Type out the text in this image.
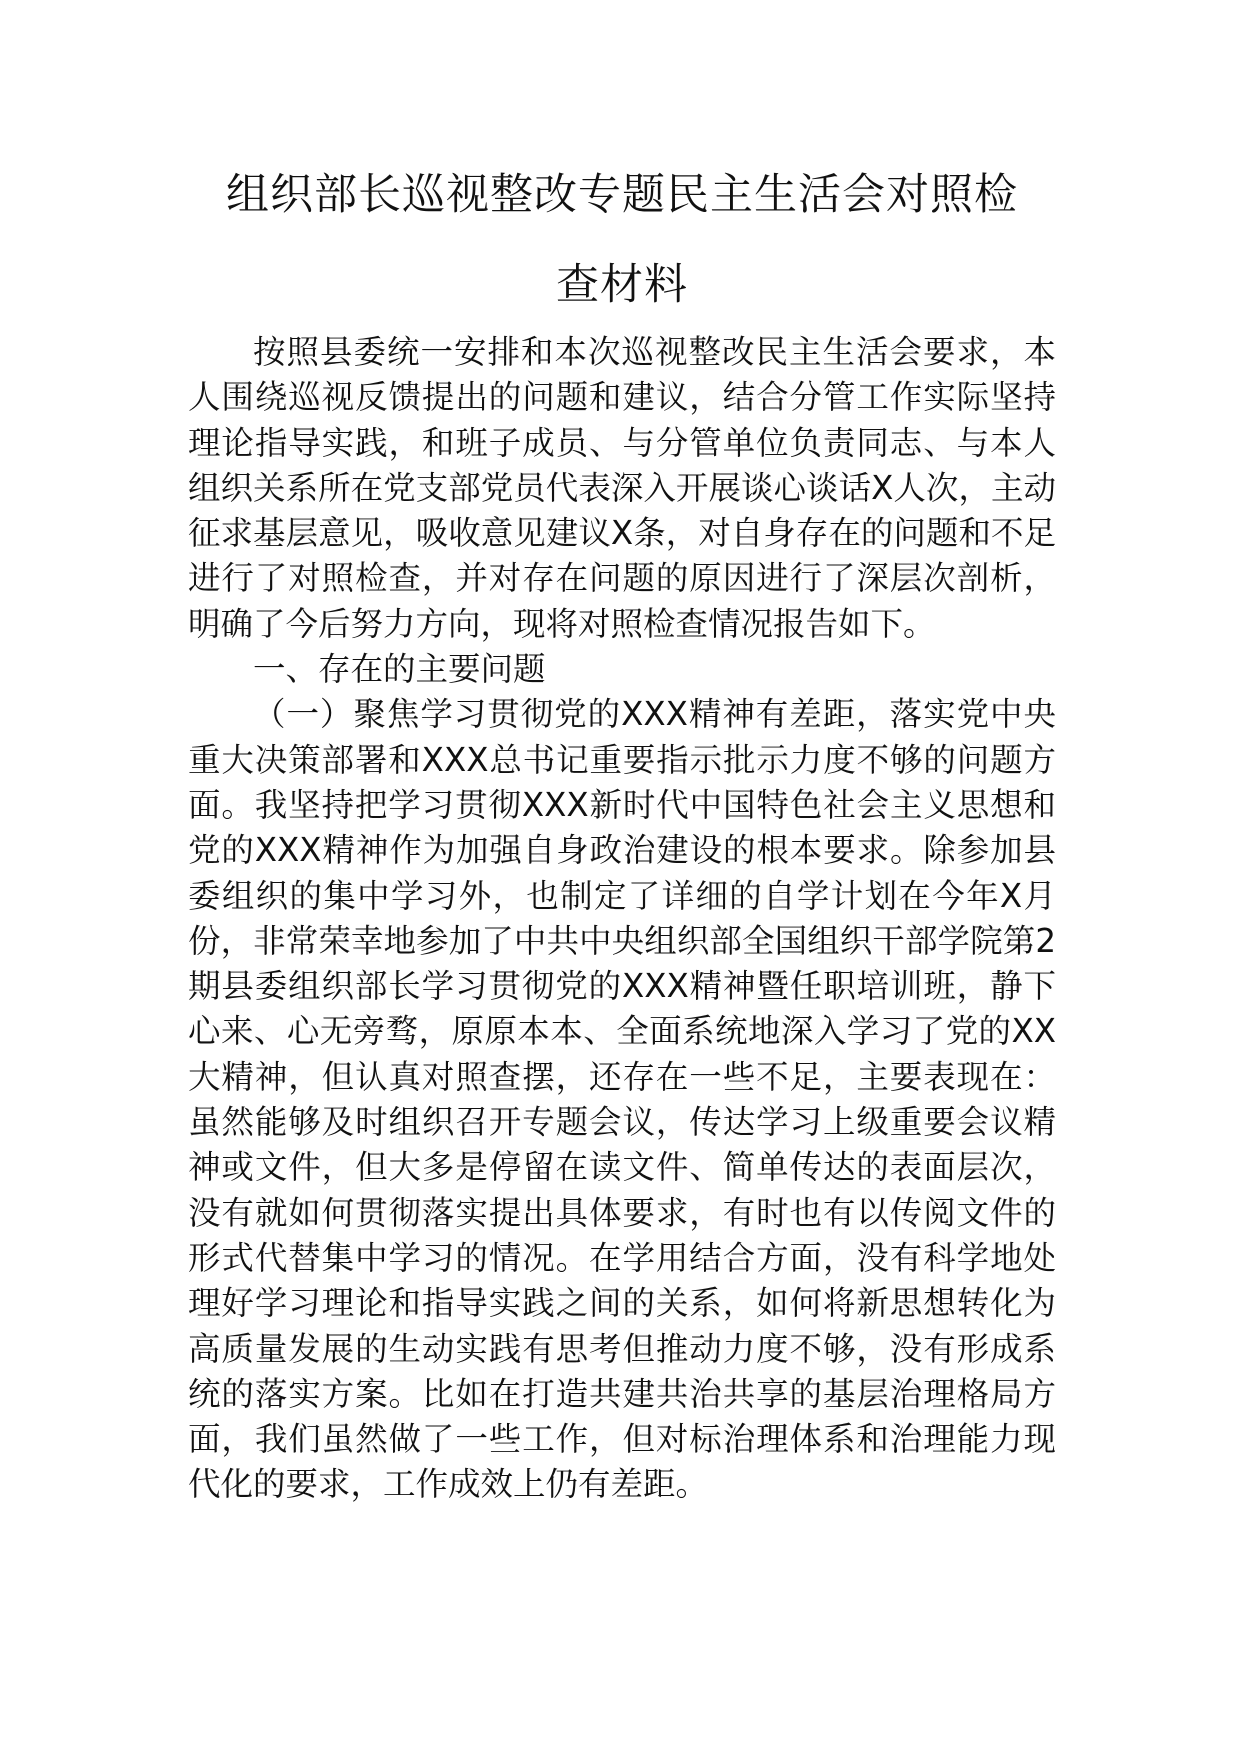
组织部长巡视整改专题民主生活会对照检
查材料

按照县委统一安排和本次巡视整改民主生活会要求，本人围绕巡视反馈提出的问题和建议，结合分管工作实际坚持理论指导实践，和班子成员、与分管单位负责同志、与本人组织关系所在党支部党员代表深入开展谈心谈话X人次，主动征求基层意见，吸收意见建议X条，对自身存在的问题和不足进行了对照检查，并对存在问题的原因进行了深层次剖析，明确了今后努力方向，现将对照检查情况报告如下。

一、存在的主要问题

（一）聚焦学习贯彻党的XXX精神有差距，落实党中央重大决策部署和XXX总书记重要指示批示力度不够的问题方面。我坚持把学习贯彻XXX新时代中国特色社会主义思想和党的XXX精神作为加强自身政治建设的根本要求。除参加县委组织的集中学习外，也制定了详细的自学计划在今年X月份，非常荣幸地参加了中共中央组织部全国组织干部学院第2期县委组织部长学习贯彻党的XXX精神暨任职培训班，静下心来、心无旁骛，原原本本、全面系统地深入学习了党的XX大精神，但认真对照查摆，还存在一些不足，主要表现在：虽然能够及时组织召开专题会议，传达学习上级重要会议精神或文件，但大多是停留在读文件、简单传达的表面层次，没有就如何贯彻落实提出具体要求，有时也有以传阅文件的形式代替集中学习的情况。在学用结合方面，没有科学地处理好学习理论和指导实践之间的关系，如何将新思想转化为高质量发展的生动实践有思考但推动力度不够，没有形成系统的落实方案。比如在打造共建共治共享的基层治理格局方面，我们虽然做了一些工作，但对标治理体系和治理能力现代化的要求，工作成效上仍有差距。
